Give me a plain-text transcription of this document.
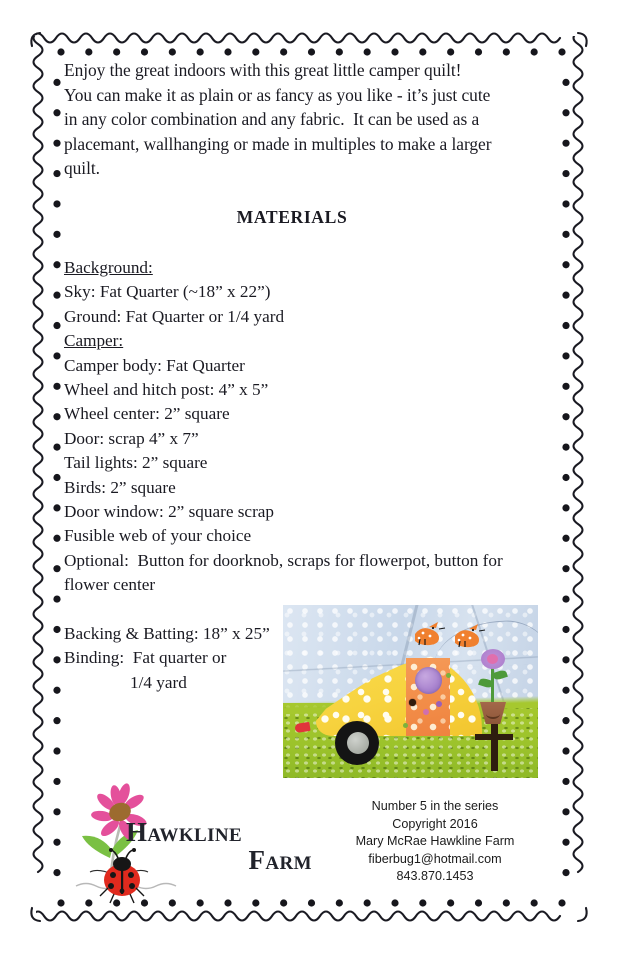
Enjoy the great indoors with this great little camper quilt!
You can make it as plain or as fancy as you like - it’s just cute
in any color combination and any fabric.  It can be used as a
placemant, wallhanging or made in multiples to make a larger
quilt.
MATERIALS
Background:
Sky: Fat Quarter (~18” x 22”)
Ground: Fat Quarter or 1/4 yard
Camper:
Camper body: Fat Quarter
Wheel and hitch post: 4” x 5”
Wheel center: 2” square
Door: scrap 4” x 7”
Tail lights: 2” square
Birds: 2” square
Door window: 2” square scrap
Fusible web of your choice
Optional:  Button for doorknob, scraps for flowerpot, button for
flower center
Backing & Batting: 18” x 25”
Binding:  Fat quarter or
1/4 yard
Hawkline
Farm
Number 5 in the series
Copyright 2016
Mary McRae Hawkline Farm
fiberbug1@hotmail.com
843.870.1453
